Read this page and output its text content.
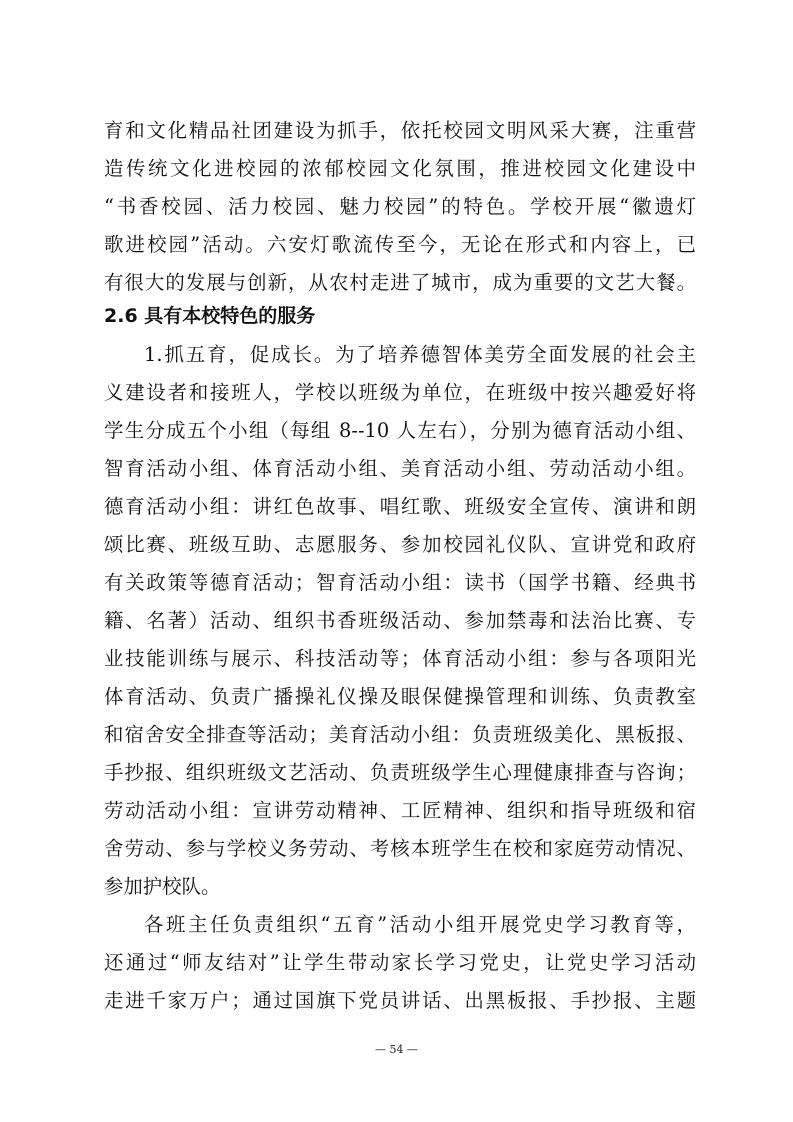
育和文化精品社团建设为抓手，依托校园文明风采大赛，注重营
造传统文化进校园的浓郁校园文化氛围，推进校园文化建设中
“书香校园、活力校园、魅力校园”的特色。学校开展“徽遗灯
歌进校园”活动。六安灯歌流传至今，无论在形式和内容上，已
有很大的发展与创新，从农村走进了城市，成为重要的文艺大餐。
2.6 具有本校特色的服务
1.抓五育，促成长。为了培养德智体美劳全面发展的社会主
义建设者和接班人，学校以班级为单位，在班级中按兴趣爱好将
学生分成五个小组（每组 8--10 人左右），分别为德育活动小组、
智育活动小组、体育活动小组、美育活动小组、劳动活动小组。
德育活动小组：讲红色故事、唱红歌、班级安全宣传、演讲和朗
颂比赛、班级互助、志愿服务、参加校园礼仪队、宣讲党和政府
有关政策等德育活动；智育活动小组：读书（国学书籍、经典书
籍、名著）活动、组织书香班级活动、参加禁毒和法治比赛、专
业技能训练与展示、科技活动等；体育活动小组：参与各项阳光
体育活动、负责广播操礼仪操及眼保健操管理和训练、负责教室
和宿舍安全排查等活动；美育活动小组：负责班级美化、黑板报、
手抄报、组织班级文艺活动、负责班级学生心理健康排查与咨询；
劳动活动小组：宣讲劳动精神、工匠精神、组织和指导班级和宿
舍劳动、参与学校义务劳动、考核本班学生在校和家庭劳动情况、
参加护校队。
各班主任负责组织“五育”活动小组开展党史学习教育等，
还通过“师友结对”让学生带动家长学习党史，让党史学习活动
走进千家万户；通过国旗下党员讲话、出黑板报、手抄报、主题
— 54 —
